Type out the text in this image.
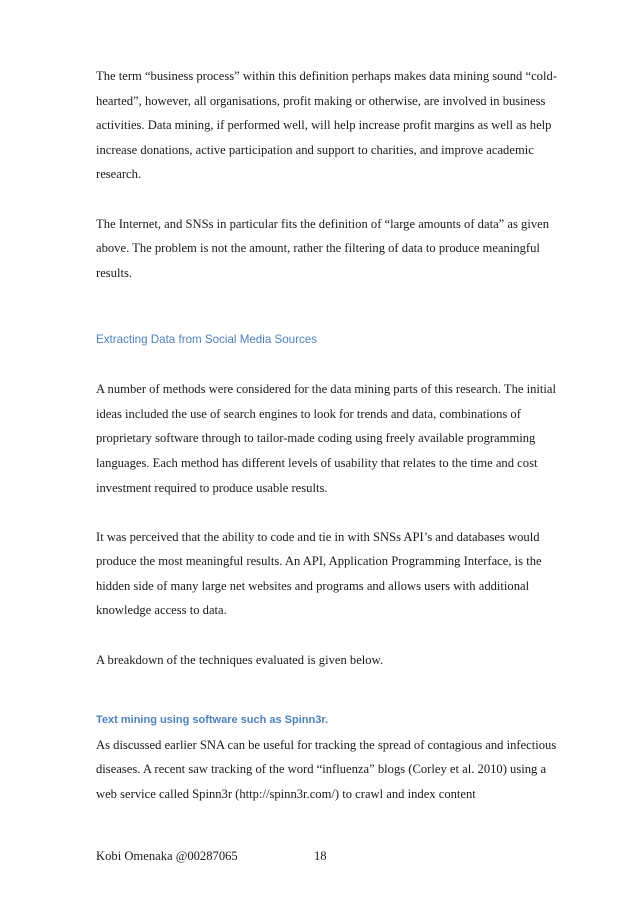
The term “business process” within this definition perhaps makes data mining sound “cold-hearted”, however, all organisations, profit making or otherwise, are involved in business activities. Data mining, if performed well, will help increase profit margins as well as help increase donations, active participation and support to charities, and improve academic research.

The Internet, and SNSs in particular fits the definition of “large amounts of data” as given above. The problem is not the amount, rather the filtering of data to produce meaningful results.

Extracting Data from Social Media Sources

A number of methods were considered for the data mining parts of this research. The initial ideas included the use of search engines to look for trends and data, combinations of proprietary software through to tailor-made coding using freely available programming languages. Each method has different levels of usability that relates to the time and cost investment required to produce usable results.

It was perceived that the ability to code and tie in with SNSs API’s and databases would produce the most meaningful results. An API, Application Programming Interface, is the hidden side of many large net websites and programs and allows users with additional knowledge access to data.

A breakdown of the techniques evaluated is given below.

Text mining using software such as Spinn3r.

As discussed earlier SNA can be useful for tracking the spread of contagious and infectious diseases. A recent saw tracking of the word “influenza” blogs (Corley et al. 2010) using a web service called Spinn3r (http://spinn3r.com/) to crawl and index content

Kobi Omenaka @00287065	18
